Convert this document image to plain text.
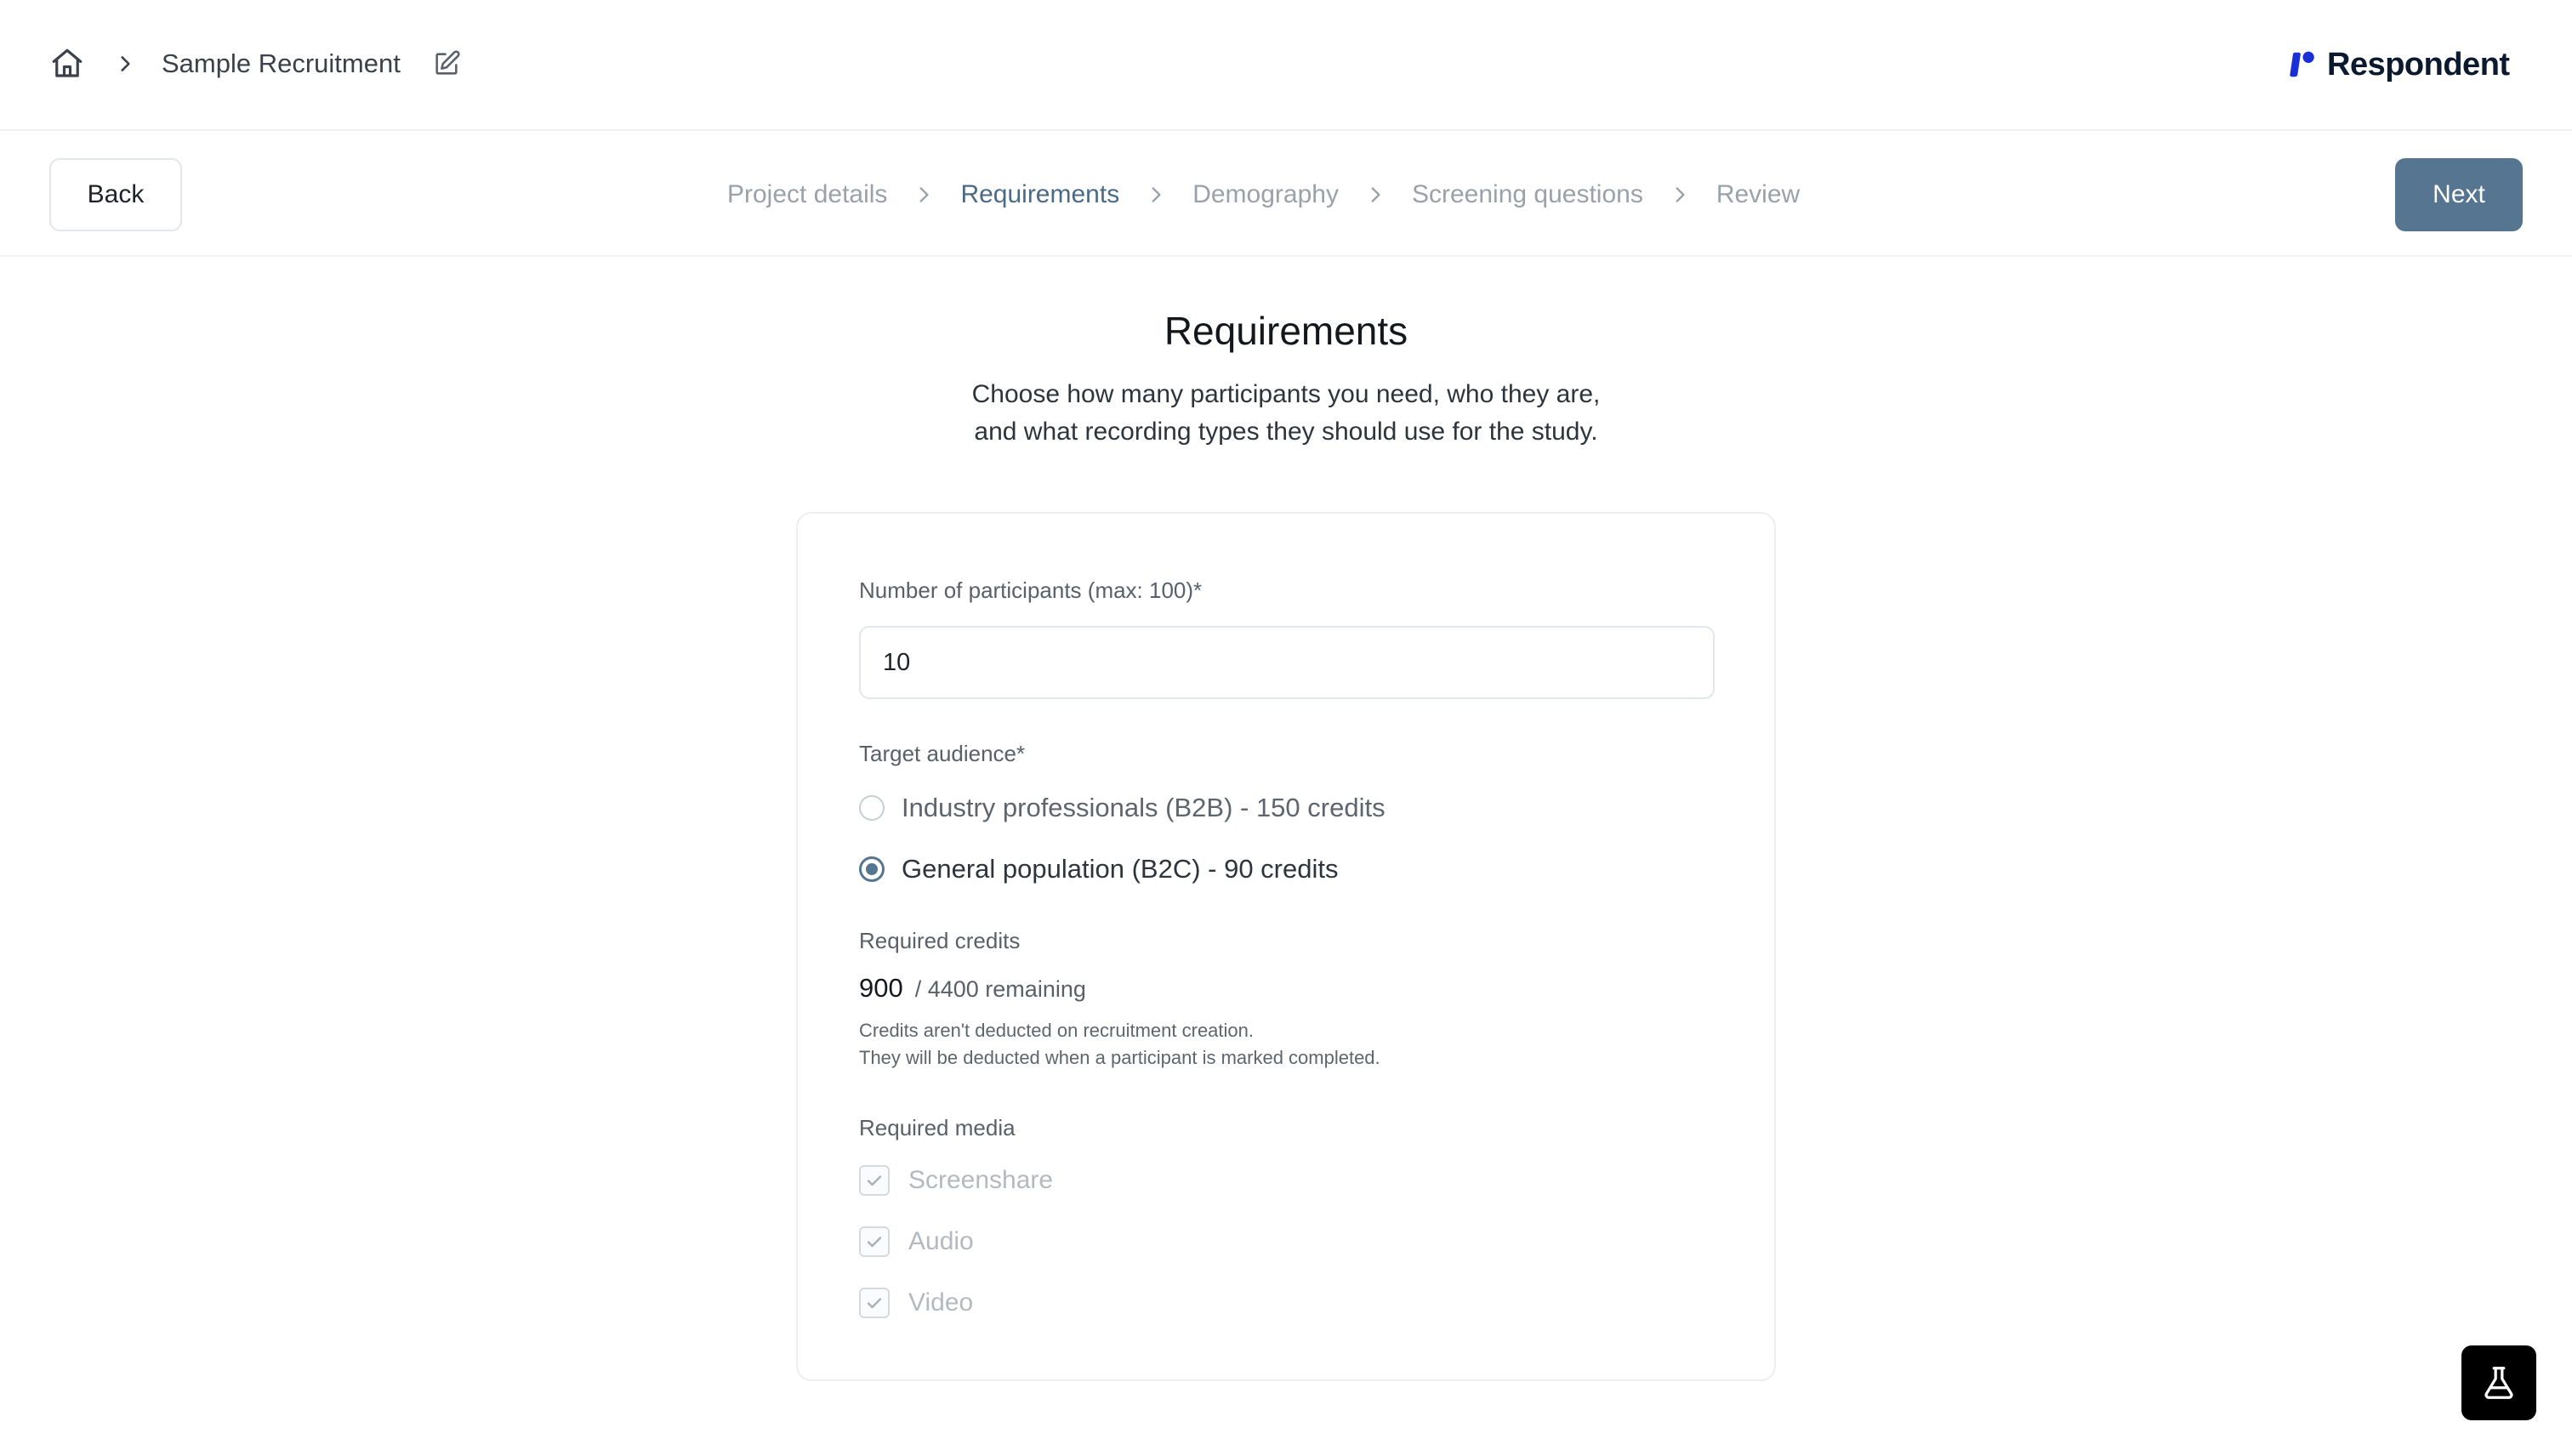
Sample Recruitment	Respondent
Back	Project details	Requirements	Demography	Screening questions	Review	Next
Requirements
Choose how many participants you need, who they are,
and what recording types they should use for the study.
Number of participants (max: 100)*
10
Target audience*
Industry professionals (B2B) - 150 credits
General population (B2C) - 90 credits
Required credits
900 / 4400 remaining
Credits aren't deducted on recruitment creation.
They will be deducted when a participant is marked completed.
Required media
Screenshare
Audio
Video
